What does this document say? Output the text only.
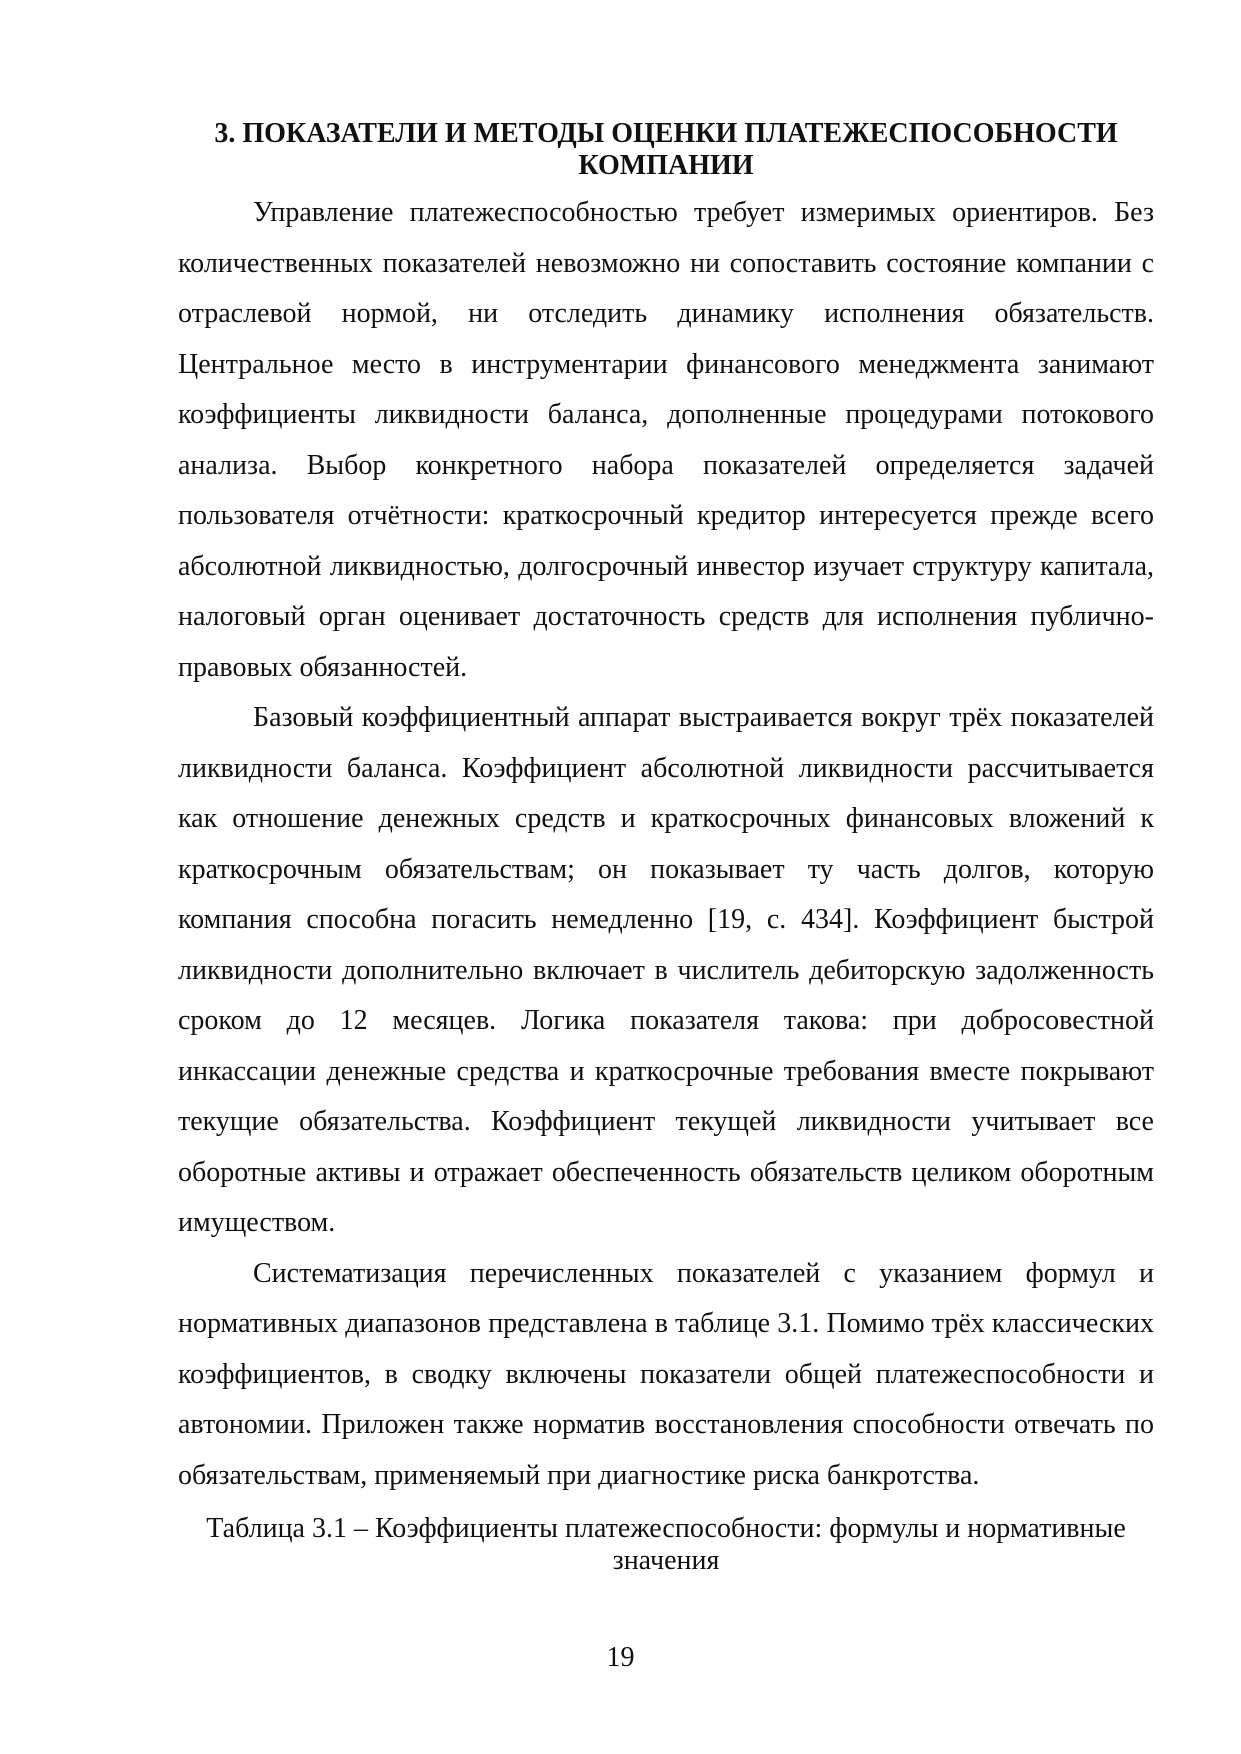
3. ПОКАЗАТЕЛИ И МЕТОДЫ ОЦЕНКИ ПЛАТЕЖЕСПОСОБНОСТИ КОМПАНИИ

Управление платежеспособностью требует измеримых ориентиров. Без количественных показателей невозможно ни сопоставить состояние компании с отраслевой нормой, ни отследить динамику исполнения обязательств. Центральное место в инструментарии финансового менеджмента занимают коэффициенты ликвидности баланса, дополненные процедурами потокового анализа. Выбор конкретного набора показателей определяется задачей пользователя отчётности: краткосрочный кредитор интересуется прежде всего абсолютной ликвидностью, долгосрочный инвестор изучает структуру капитала, налоговый орган оценивает достаточность средств для исполнения публично-правовых обязанностей.

Базовый коэффициентный аппарат выстраивается вокруг трёх показателей ликвидности баланса. Коэффициент абсолютной ликвидности рассчитывается как отношение денежных средств и краткосрочных финансовых вложений к краткосрочным обязательствам; он показывает ту часть долгов, которую компания способна погасить немедленно [19, с. 434]. Коэффициент быстрой ликвидности дополнительно включает в числитель дебиторскую задолженность сроком до 12 месяцев. Логика показателя такова: при добросовестной инкассации денежные средства и краткосрочные требования вместе покрывают текущие обязательства. Коэффициент текущей ликвидности учитывает все оборотные активы и отражает обеспеченность обязательств целиком оборотным имуществом.

Систематизация перечисленных показателей с указанием формул и нормативных диапазонов представлена в таблице 3.1. Помимо трёх классических коэффициентов, в сводку включены показатели общей платежеспособности и автономии. Приложен также норматив восстановления способности отвечать по обязательствам, применяемый при диагностике риска банкротства.

Таблица 3.1 – Коэффициенты платежеспособности: формулы и нормативные значения

19
